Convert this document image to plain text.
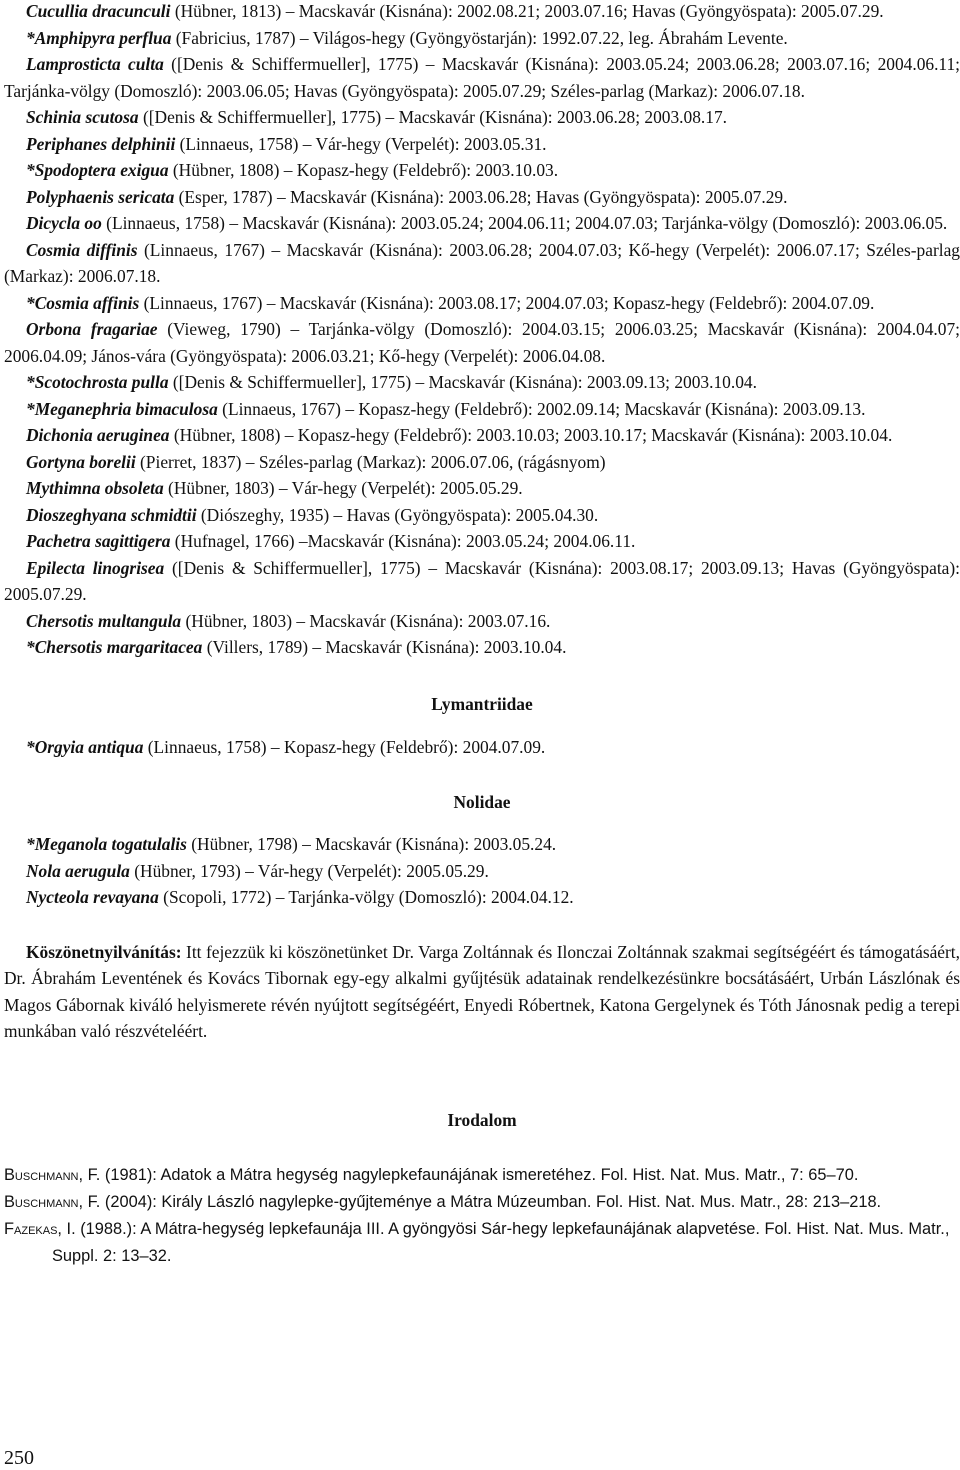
Cucullia dracunculi (Hübner, 1813) – Macskavár (Kisnána): 2002.08.21; 2003.07.16; Havas (Gyöngyöspata): 2005.07.29.

*Amphipyra perflua (Fabricius, 1787) – Világos-hegy (Gyöngyöstarján): 1992.07.22, leg. Ábrahám Levente.

Lamprosticta culta ([Denis & Schiffermueller], 1775) – Macskavár (Kisnána): 2003.05.24; 2003.06.28; 2003.07.16; 2004.06.11; Tarjánka-völgy (Domoszló): 2003.06.05; Havas (Gyöngyöspata): 2005.07.29; Széles-parlag (Markaz): 2006.07.18.

Schinia scutosa ([Denis & Schiffermueller], 1775) – Macskavár (Kisnána): 2003.06.28; 2003.08.17.

Periphanes delphinii (Linnaeus, 1758) – Vár-hegy (Verpelét): 2003.05.31.

*Spodoptera exigua (Hübner, 1808) – Kopasz-hegy (Feldebrő): 2003.10.03.

Polyphaenis sericata (Esper, 1787) – Macskavár (Kisnána): 2003.06.28; Havas (Gyöngyöspata): 2005.07.29.

Dicycla oo (Linnaeus, 1758) – Macskavár (Kisnána): 2003.05.24; 2004.06.11; 2004.07.03; Tarjánka-völgy (Domoszló): 2003.06.05.

Cosmia diffinis (Linnaeus, 1767) – Macskavár (Kisnána): 2003.06.28; 2004.07.03; Kő-hegy (Verpelét): 2006.07.17; Széles-parlag (Markaz): 2006.07.18.

*Cosmia affinis (Linnaeus, 1767) – Macskavár (Kisnána): 2003.08.17; 2004.07.03; Kopasz-hegy (Feldebrő): 2004.07.09.

Orbona fragariae (Vieweg, 1790) – Tarjánka-völgy (Domoszló): 2004.03.15; 2006.03.25; Macskavár (Kisnána): 2004.04.07; 2006.04.09; János-vára (Gyöngyöspata): 2006.03.21; Kő-hegy (Verpelét): 2006.04.08.

*Scotochrosta pulla ([Denis & Schiffermueller], 1775) – Macskavár (Kisnána): 2003.09.13; 2003.10.04.

*Meganephria bimaculosa (Linnaeus, 1767) – Kopasz-hegy (Feldebrő): 2002.09.14; Macskavár (Kisnána): 2003.09.13.

Dichonia aeruginea (Hübner, 1808) – Kopasz-hegy (Feldebrő): 2003.10.03; 2003.10.17; Macskavár (Kisnána): 2003.10.04.

Gortyna borelii (Pierret, 1837) – Széles-parlag (Markaz): 2006.07.06, (rágásnyom)

Mythimna obsoleta (Hübner, 1803) – Vár-hegy (Verpelét): 2005.05.29.

Dioszeghyana schmidtii (Diószeghy, 1935) – Havas (Gyöngyöspata): 2005.04.30.

Pachetra sagittigera (Hufnagel, 1766) –Macskavár (Kisnána): 2003.05.24; 2004.06.11.

Epilecta linogrisea ([Denis & Schiffermueller], 1775) – Macskavár (Kisnána): 2003.08.17; 2003.09.13; Havas (Gyöngyöspata): 2005.07.29.

Chersotis multangula (Hübner, 1803) – Macskavár (Kisnána): 2003.07.16.

*Chersotis margaritacea (Villers, 1789) – Macskavár (Kisnána): 2003.10.04.

Lymantriidae

*Orgyia antiqua (Linnaeus, 1758) – Kopasz-hegy (Feldebrő): 2004.07.09.

Nolidae

*Meganola togatulalis (Hübner, 1798) – Macskavár (Kisnána): 2003.05.24.

Nola aerugula (Hübner, 1793) – Vár-hegy (Verpelét): 2005.05.29.

Nycteola revayana (Scopoli, 1772) – Tarjánka-völgy (Domoszló): 2004.04.12.

Köszönetnyilvánítás: Itt fejezzük ki köszönetünket Dr. Varga Zoltánnak és Ilonczai Zoltánnak szakmai segítségéért és támogatásáért, Dr. Ábrahám Leventének és Kovács Tibornak egy-egy alkalmi gyűjtésük adatainak rendelkezésünkre bocsátásáért, Urbán Lászlónak és Magos Gábornak kiváló helyismerete révén nyújtott segítségéért, Enyedi Róbertnek, Katona Gergelynek és Tóth Jánosnak pedig a terepi munkában való részvételéért.

Irodalom

Buschmann, F. (1981): Adatok a Mátra hegység nagylepkefaunájának ismeretéhez. Fol. Hist. Nat. Mus. Matr., 7: 65–70.

Buschmann, F. (2004): Király László nagylepke-gyűjteménye a Mátra Múzeumban. Fol. Hist. Nat. Mus. Matr., 28: 213–218.

Fazekas, I. (1988.): A Mátra-hegység lepkefaunája III. A gyöngyösi Sár-hegy lepkefaunájának alapvetése. Fol. Hist. Nat. Mus. Matr., Suppl. 2: 13–32.

250
